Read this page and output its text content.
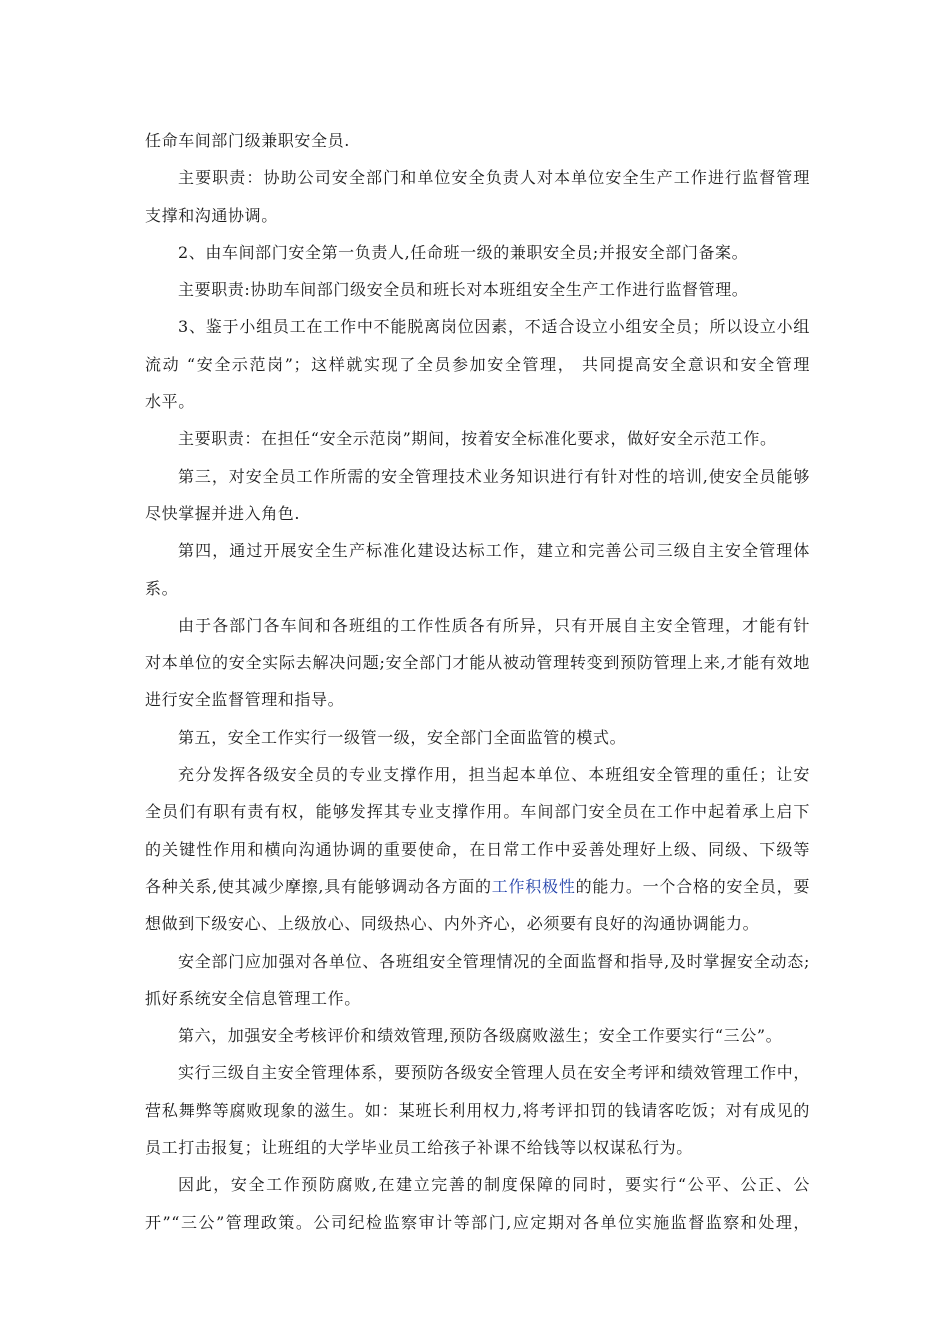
任命车间部门级兼职安全员.
主要职责：协助公司安全部门和单位安全负责人对本单位安全生产工作进行监督管理
支撑和沟通协调。
2、由车间部门安全第一负责人,任命班一级的兼职安全员;并报安全部门备案。
主要职责:协助车间部门级安全员和班长对本班组安全生产工作进行监督管理。
3、鉴于小组员工在工作中不能脱离岗位因素，不适合设立小组安全员；所以设立小组
流动 “安全示范岗”；这样就实现了全员参加安全管理， 共同提高安全意识和安全管理
水平。
主要职责：在担任“安全示范岗”期间，按着安全标准化要求，做好安全示范工作。
第三，对安全员工作所需的安全管理技术业务知识进行有针对性的培训,使安全员能够
尽快掌握并进入角色.
第四，通过开展安全生产标准化建设达标工作，建立和完善公司三级自主安全管理体
系。
由于各部门各车间和各班组的工作性质各有所异，只有开展自主安全管理，才能有针
对本单位的安全实际去解决问题;安全部门才能从被动管理转变到预防管理上来,才能有效地
进行安全监督管理和指导。
第五，安全工作实行一级管一级，安全部门全面监管的模式。
充分发挥各级安全员的专业支撑作用，担当起本单位、本班组安全管理的重任；让安
全员们有职有责有权，能够发挥其专业支撑作用。车间部门安全员在工作中起着承上启下
的关键性作用和横向沟通协调的重要使命，在日常工作中妥善处理好上级、同级、下级等
各种关系,使其减少摩擦,具有能够调动各方面的工作积极性的能力。一个合格的安全员，要
想做到下级安心、上级放心、同级热心、内外齐心，必须要有良好的沟通协调能力。
安全部门应加强对各单位、各班组安全管理情况的全面监督和指导,及时掌握安全动态;
抓好系统安全信息管理工作。
第六，加强安全考核评价和绩效管理,预防各级腐败滋生；安全工作要实行“三公”。
实行三级自主安全管理体系，要预防各级安全管理人员在安全考评和绩效管理工作中，
营私舞弊等腐败现象的滋生。如：某班长利用权力,将考评扣罚的钱请客吃饭；对有成见的
员工打击报复；让班组的大学毕业员工给孩子补课不给钱等以权谋私行为。
因此，安全工作预防腐败,在建立完善的制度保障的同时，要实行“公平、公正、公
开”“三公”管理政策。公司纪检监察审计等部门,应定期对各单位实施监督监察和处理，
